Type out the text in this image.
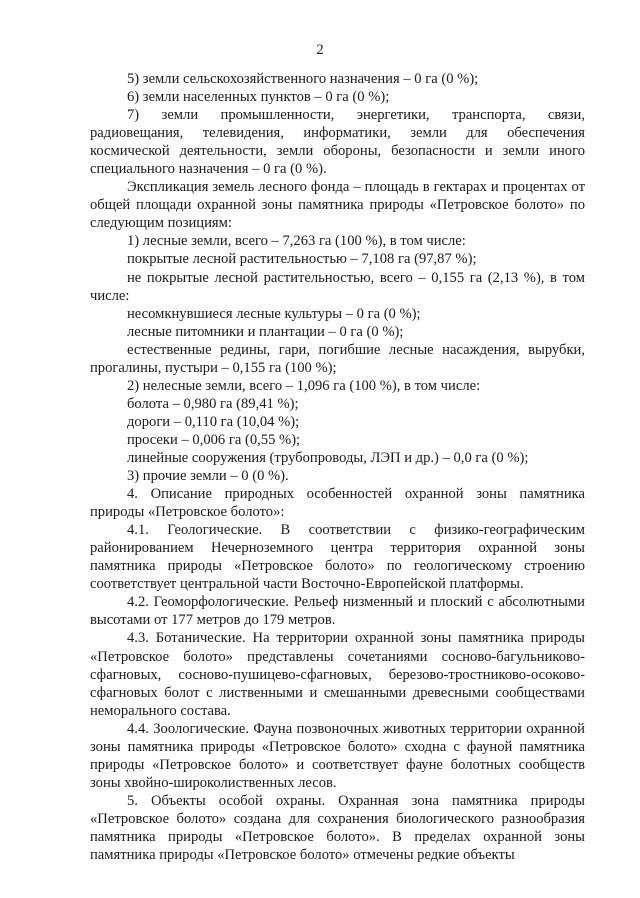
2

5) земли сельскохозяйственного назначения – 0 га (0 %);

6) земли населенных пунктов – 0 га (0 %);

7) земли промышленности, энергетики, транспорта, связи, радиовещания, телевидения, информатики, земли для обеспечения космической деятельности, земли обороны, безопасности и земли иного специального назначения – 0 га (0 %).

Экспликация земель лесного фонда – площадь в гектарах и процентах от общей площади охранной зоны памятника природы «Петровское болото» по следующим позициям:

1) лесные земли, всего – 7,263 га (100 %), в том числе:

покрытые лесной растительностью – 7,108 га (97,87 %);

не покрытые лесной растительностью, всего – 0,155 га (2,13 %), в том числе:

несомкнувшиеся лесные культуры – 0 га (0 %);

лесные питомники и плантации – 0 га (0 %);

естественные редины, гари, погибшие лесные насаждения, вырубки, прогалины, пустыри – 0,155 га (100 %);

2) нелесные земли, всего – 1,096 га (100 %), в том числе:

болота – 0,980 га (89,41 %);

дороги – 0,110 га (10,04 %);

просеки – 0,006 га (0,55 %);

линейные сооружения (трубопроводы, ЛЭП и др.) – 0,0 га (0 %);

3) прочие земли – 0 (0 %).

4. Описание природных особенностей охранной зоны памятника природы «Петровское болото»:

4.1. Геологические. В соответствии с физико-географическим районированием Нечерноземного центра территория охранной зоны памятника природы «Петровское болото» по геологическому строению соответствует центральной части Восточно-Европейской платформы.

4.2. Геоморфологические. Рельеф низменный и плоский с абсолютными высотами от 177 метров до 179 метров.

4.3. Ботанические. На территории охранной зоны памятника природы «Петровское болото» представлены сочетаниями сосново-багульниково-сфагновых, сосново-пушицево-сфагновых, березово-тростниково-осоково-сфагновых болот с лиственными и смешанными древесными сообществами неморального состава.

4.4. Зоологические. Фауна позвоночных животных территории охранной зоны памятника природы «Петровское болото» сходна с фауной памятника природы «Петровское болото» и соответствует фауне болотных сообществ зоны хвойно-широколиственных лесов.

5. Объекты особой охраны. Охранная зона памятника природы «Петровское болото» создана для сохранения биологического разнообразия памятника природы «Петровское болото». В пределах охранной зоны памятника природы «Петровское болото» отмечены редкие объекты
